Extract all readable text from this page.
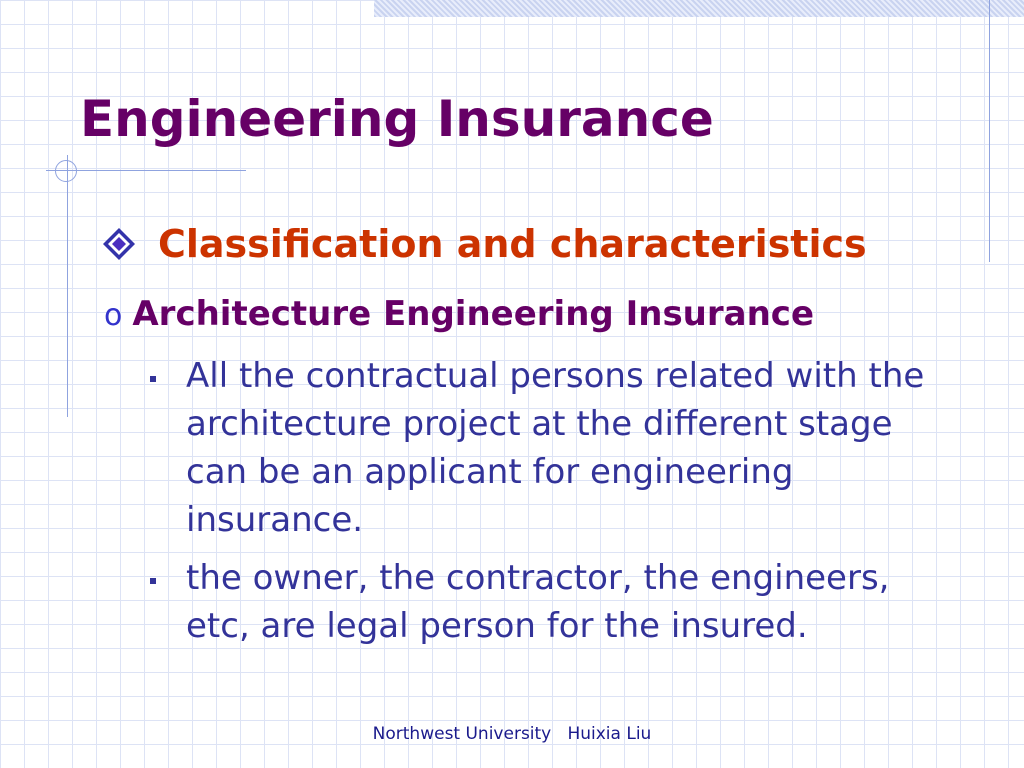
Engineering Insurance
Classification and characteristics
o Architecture Engineering Insurance
All the contractual persons related with the architecture project at the different stage can be an applicant for engineering insurance.
the owner, the contractor, the engineers, etc, are legal person for the insured.
Northwest University   Huixia Liu
